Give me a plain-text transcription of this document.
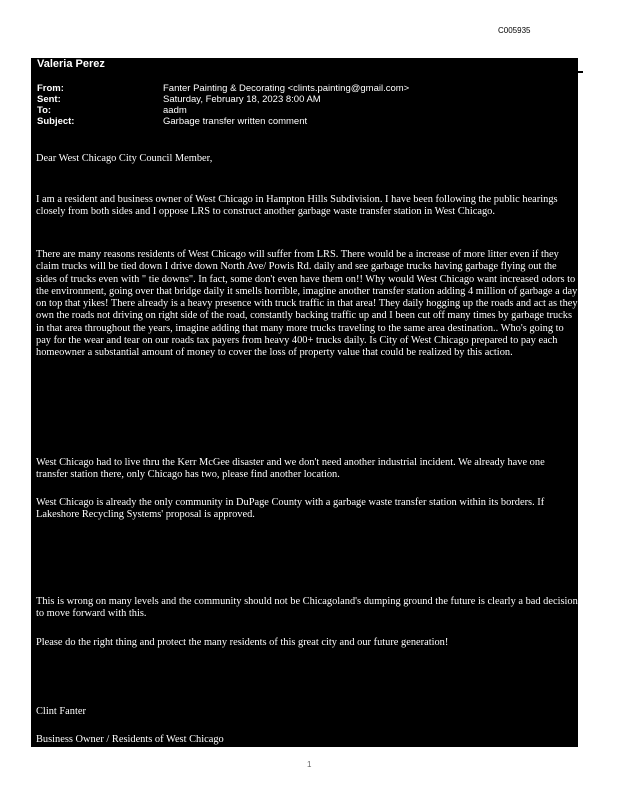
C005935
Valeria Perez
From:	Fanter Painting & Decorating <clints.painting@gmail.com>
Sent:	Saturday, February 18, 2023 8:00 AM
To:	aadm
Subject:	Garbage transfer written comment
Dear West Chicago City Council Member,
I am a resident and business owner of West Chicago in Hampton Hills Subdivision. I have been following the public hearings closely from both sides and I oppose LRS to construct another garbage waste transfer station in West Chicago.
There are many reasons residents of West Chicago will suffer from LRS. There would be a increase of more litter even if they claim trucks will be tied down I drive down North Ave/ Powis Rd. daily and see garbage trucks having garbage flying out the sides of trucks even with " tie downs". In fact, some don't even have them on!! Why would West Chicago want increased odors to the environment, going over that bridge daily it smells horrible, imagine another transfer station adding 4 million of garbage a day on top that yikes! There already is a heavy presence with truck traffic in that area! They daily hogging up the roads and act as they own the roads not driving on right side of the road, constantly backing traffic up and I been cut off many times by garbage trucks in that area throughout the years, imagine adding that many more trucks traveling to the same area destination.. Who's going to pay for the wear and tear on our roads tax payers from heavy 400+ trucks daily. Is City of West Chicago prepared to pay each homeowner a substantial amount of money to cover the loss of property value that could be realized by this action.
West Chicago had to live thru the Kerr McGee disaster and we don't need another industrial incident. We already have one transfer station there, only Chicago has two, please find another location.
West Chicago is already the only community in DuPage County with a garbage waste transfer station within its borders. If Lakeshore Recycling Systems' proposal is approved.
This is wrong on many levels and the community should not be Chicagoland's dumping ground the future is clearly a bad decision to move forward with this.
Please do the right thing and protect the many residents of this great city and our future generation!
Clint Fanter
Business Owner / Residents of West Chicago
1
